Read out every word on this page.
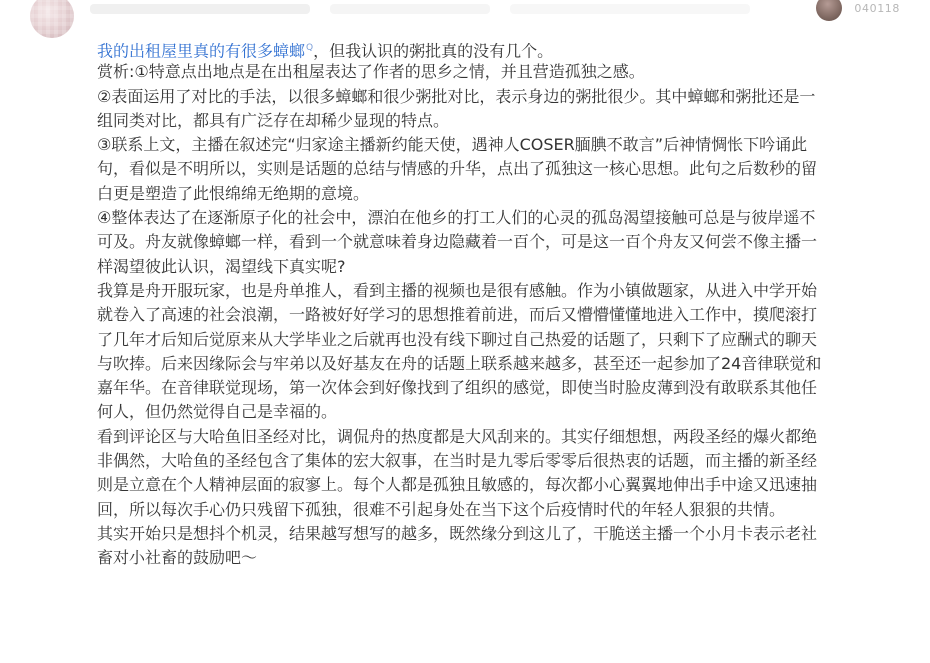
040118
我的出租屋里真的有很多蟑螂$^Q$，但我认识的粥批真的没有几个。
赏析:①特意点出地点是在出租屋表达了作者的思乡之情，并且营造孤独之感。
②表面运用了对比的手法，以很多蟑螂和很少粥批对比，表示身边的粥批很少。其中蟑螂和粥批还是一
组同类对比，都具有广泛存在却稀少显现的特点。
③联系上文，主播在叙述完“归家途主播新约能天使，遇神人COSER腼腆不敢言”后神情惆怅下吟诵此
句，看似是不明所以，实则是话题的总结与情感的升华，点出了孤独这一核心思想。此句之后数秒的留
白更是塑造了此恨绵绵无绝期的意境。
④整体表达了在逐渐原子化的社会中，漂泊在他乡的打工人们的心灵的孤岛渴望接触可总是与彼岸遥不
可及。舟友就像蟑螂一样，看到一个就意味着身边隐藏着一百个，可是这一百个舟友又何尝不像主播一
样渴望彼此认识，渴望线下真实呢?
我算是舟开服玩家，也是舟单推人，看到主播的视频也是很有感触。作为小镇做题家，从进入中学开始
就卷入了高速的社会浪潮，一路被好好学习的思想推着前进，而后又懵懵懂懂地进入工作中，摸爬滚打
了几年才后知后觉原来从大学毕业之后就再也没有线下聊过自己热爱的话题了，只剩下了应酬式的聊天
与吹捧。后来因缘际会与牢弟以及好基友在舟的话题上联系越来越多，甚至还一起参加了24音律联觉和
嘉年华。在音律联觉现场，第一次体会到好像找到了组织的感觉，即使当时脸皮薄到没有敢联系其他任
何人，但仍然觉得自己是幸福的。
看到评论区与大哈鱼旧圣经对比，调侃舟的热度都是大风刮来的。其实仔细想想，两段圣经的爆火都绝
非偶然，大哈鱼的圣经包含了集体的宏大叙事，在当时是九零后零零后很热衷的话题，而主播的新圣经
则是立意在个人精神层面的寂寥上。每个人都是孤独且敏感的，每次都小心翼翼地伸出手中途又迅速抽
回，所以每次手心仍只残留下孤独，很难不引起身处在当下这个后疫情时代的年轻人狠狠的共情。
其实开始只是想抖个机灵，结果越写想写的越多，既然缘分到这儿了，干脆送主播一个小月卡表示老社
畜对小社畜的鼓励吧～
